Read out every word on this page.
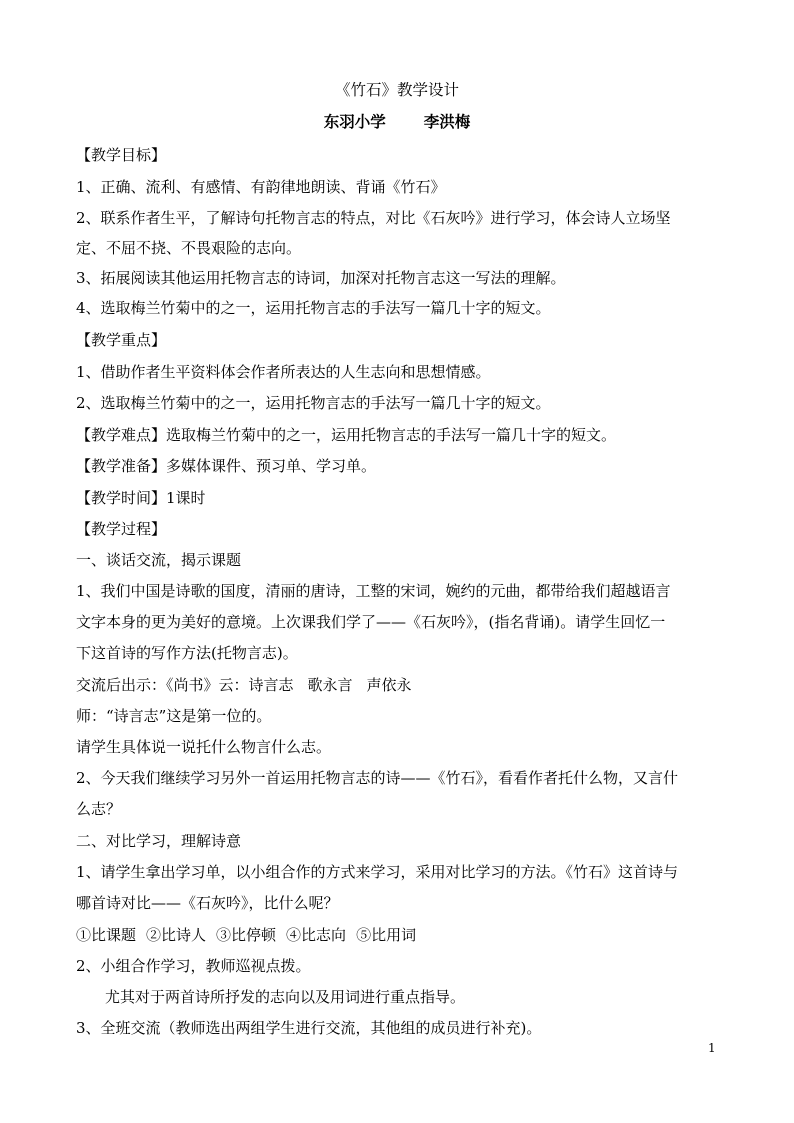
《竹石》教学设计
东羽小学 李洪梅
【教学目标】
1、正确、流利、有感情、有韵律地朗读、背诵《竹石》
2、联系作者生平，了解诗句托物言志的特点，对比《石灰吟》进行学习，体会诗人立场坚
定、不屈不挠、不畏艰险的志向。
3、拓展阅读其他运用托物言志的诗词，加深对托物言志这一写法的理解。
4、选取梅兰竹菊中的之一，运用托物言志的手法写一篇几十字的短文。
【教学重点】
1、借助作者生平资料体会作者所表达的人生志向和思想情感。
2、选取梅兰竹菊中的之一，运用托物言志的手法写一篇几十字的短文。
【教学难点】选取梅兰竹菊中的之一，运用托物言志的手法写一篇几十字的短文。
【教学准备】多媒体课件、预习单、学习单。
【教学时间】1课时
【教学过程】
一、谈话交流，揭示课题
1、我们中国是诗歌的国度，清丽的唐诗，工整的宋词，婉约的元曲，都带给我们超越语言
文字本身的更为美好的意境。上次课我们学了——《石灰吟》，(指名背诵)。请学生回忆一
下这首诗的写作方法(托物言志)。
交流后出示：《尚书》云：诗言志 歌永言 声依永
师：“诗言志”这是第一位的。
请学生具体说一说托什么物言什么志。
2、今天我们继续学习另外一首运用托物言志的诗——《竹石》，看看作者托什么物，又言什
么志？
二、对比学习，理解诗意
1、请学生拿出学习单，以小组合作的方式来学习，采用对比学习的方法。《竹石》这首诗与
哪首诗对比——《石灰吟》，比什么呢？
①比课题 ②比诗人 ③比停顿 ④比志向 ⑤比用词
2、小组合作学习，教师巡视点拨。
尤其对于两首诗所抒发的志向以及用词进行重点指导。
3、全班交流（教师选出两组学生进行交流，其他组的成员进行补充)。
1
